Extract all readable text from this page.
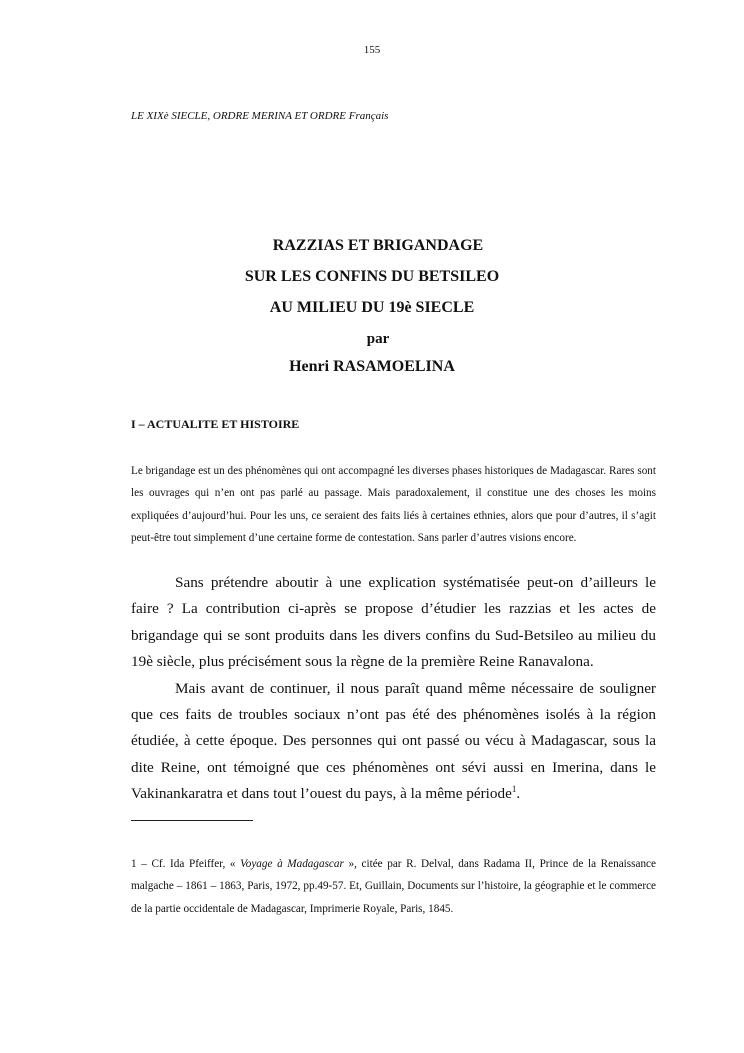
155
LE XIXè SIECLE, ORDRE MERINA ET ORDRE Français
RAZZIAS ET BRIGANDAGE
SUR LES CONFINS DU BETSILEO
AU MILIEU DU 19è SIECLE
par
Henri RASAMOELINA
I – ACTUALITE ET HISTOIRE

Le brigandage est un des phénomènes qui ont accompagné les diverses phases historiques de Madagascar. Rares sont les ouvrages qui n’en ont pas parlé au passage. Mais paradoxalement, il constitue une des choses les moins expliquées d’aujourd’hui. Pour les uns, ce seraient des faits liés à certaines ethnies, alors que pour d’autres, il s’agit peut-être tout simplement d’une certaine forme de contestation. Sans parler d’autres visions encore.

Sans prétendre aboutir à une explication systématisée peut-on d’ailleurs le faire ? La contribution ci-après se propose d’étudier les razzias et les actes de brigandage qui se sont produits dans les divers confins du Sud-Betsileo au milieu du 19è siècle, plus précisément sous la règne de la première Reine Ranavalona.

Mais avant de continuer, il nous paraît quand même nécessaire de souligner que ces faits de troubles sociaux n’ont pas été des phénomènes isolés à la région étudiée, à cette époque. Des personnes qui ont passé ou vécu à Madagascar, sous la dite Reine, ont témoigné que ces phénomènes ont sévi aussi en Imerina, dans le Vakinankaratra et dans tout l’ouest du pays, à la même période$^1$.

1 – Cf. Ida Pfeiffer, « Voyage à Madagascar », citée par R. Delval, dans Radama II, Prince de la Renaissance malgache – 1861 – 1863, Paris, 1972, pp.49-57. Et, Guillain, Documents sur l’histoire, la géographie et le commerce de la partie occidentale de Madagascar, Imprimerie Royale, Paris, 1845.
